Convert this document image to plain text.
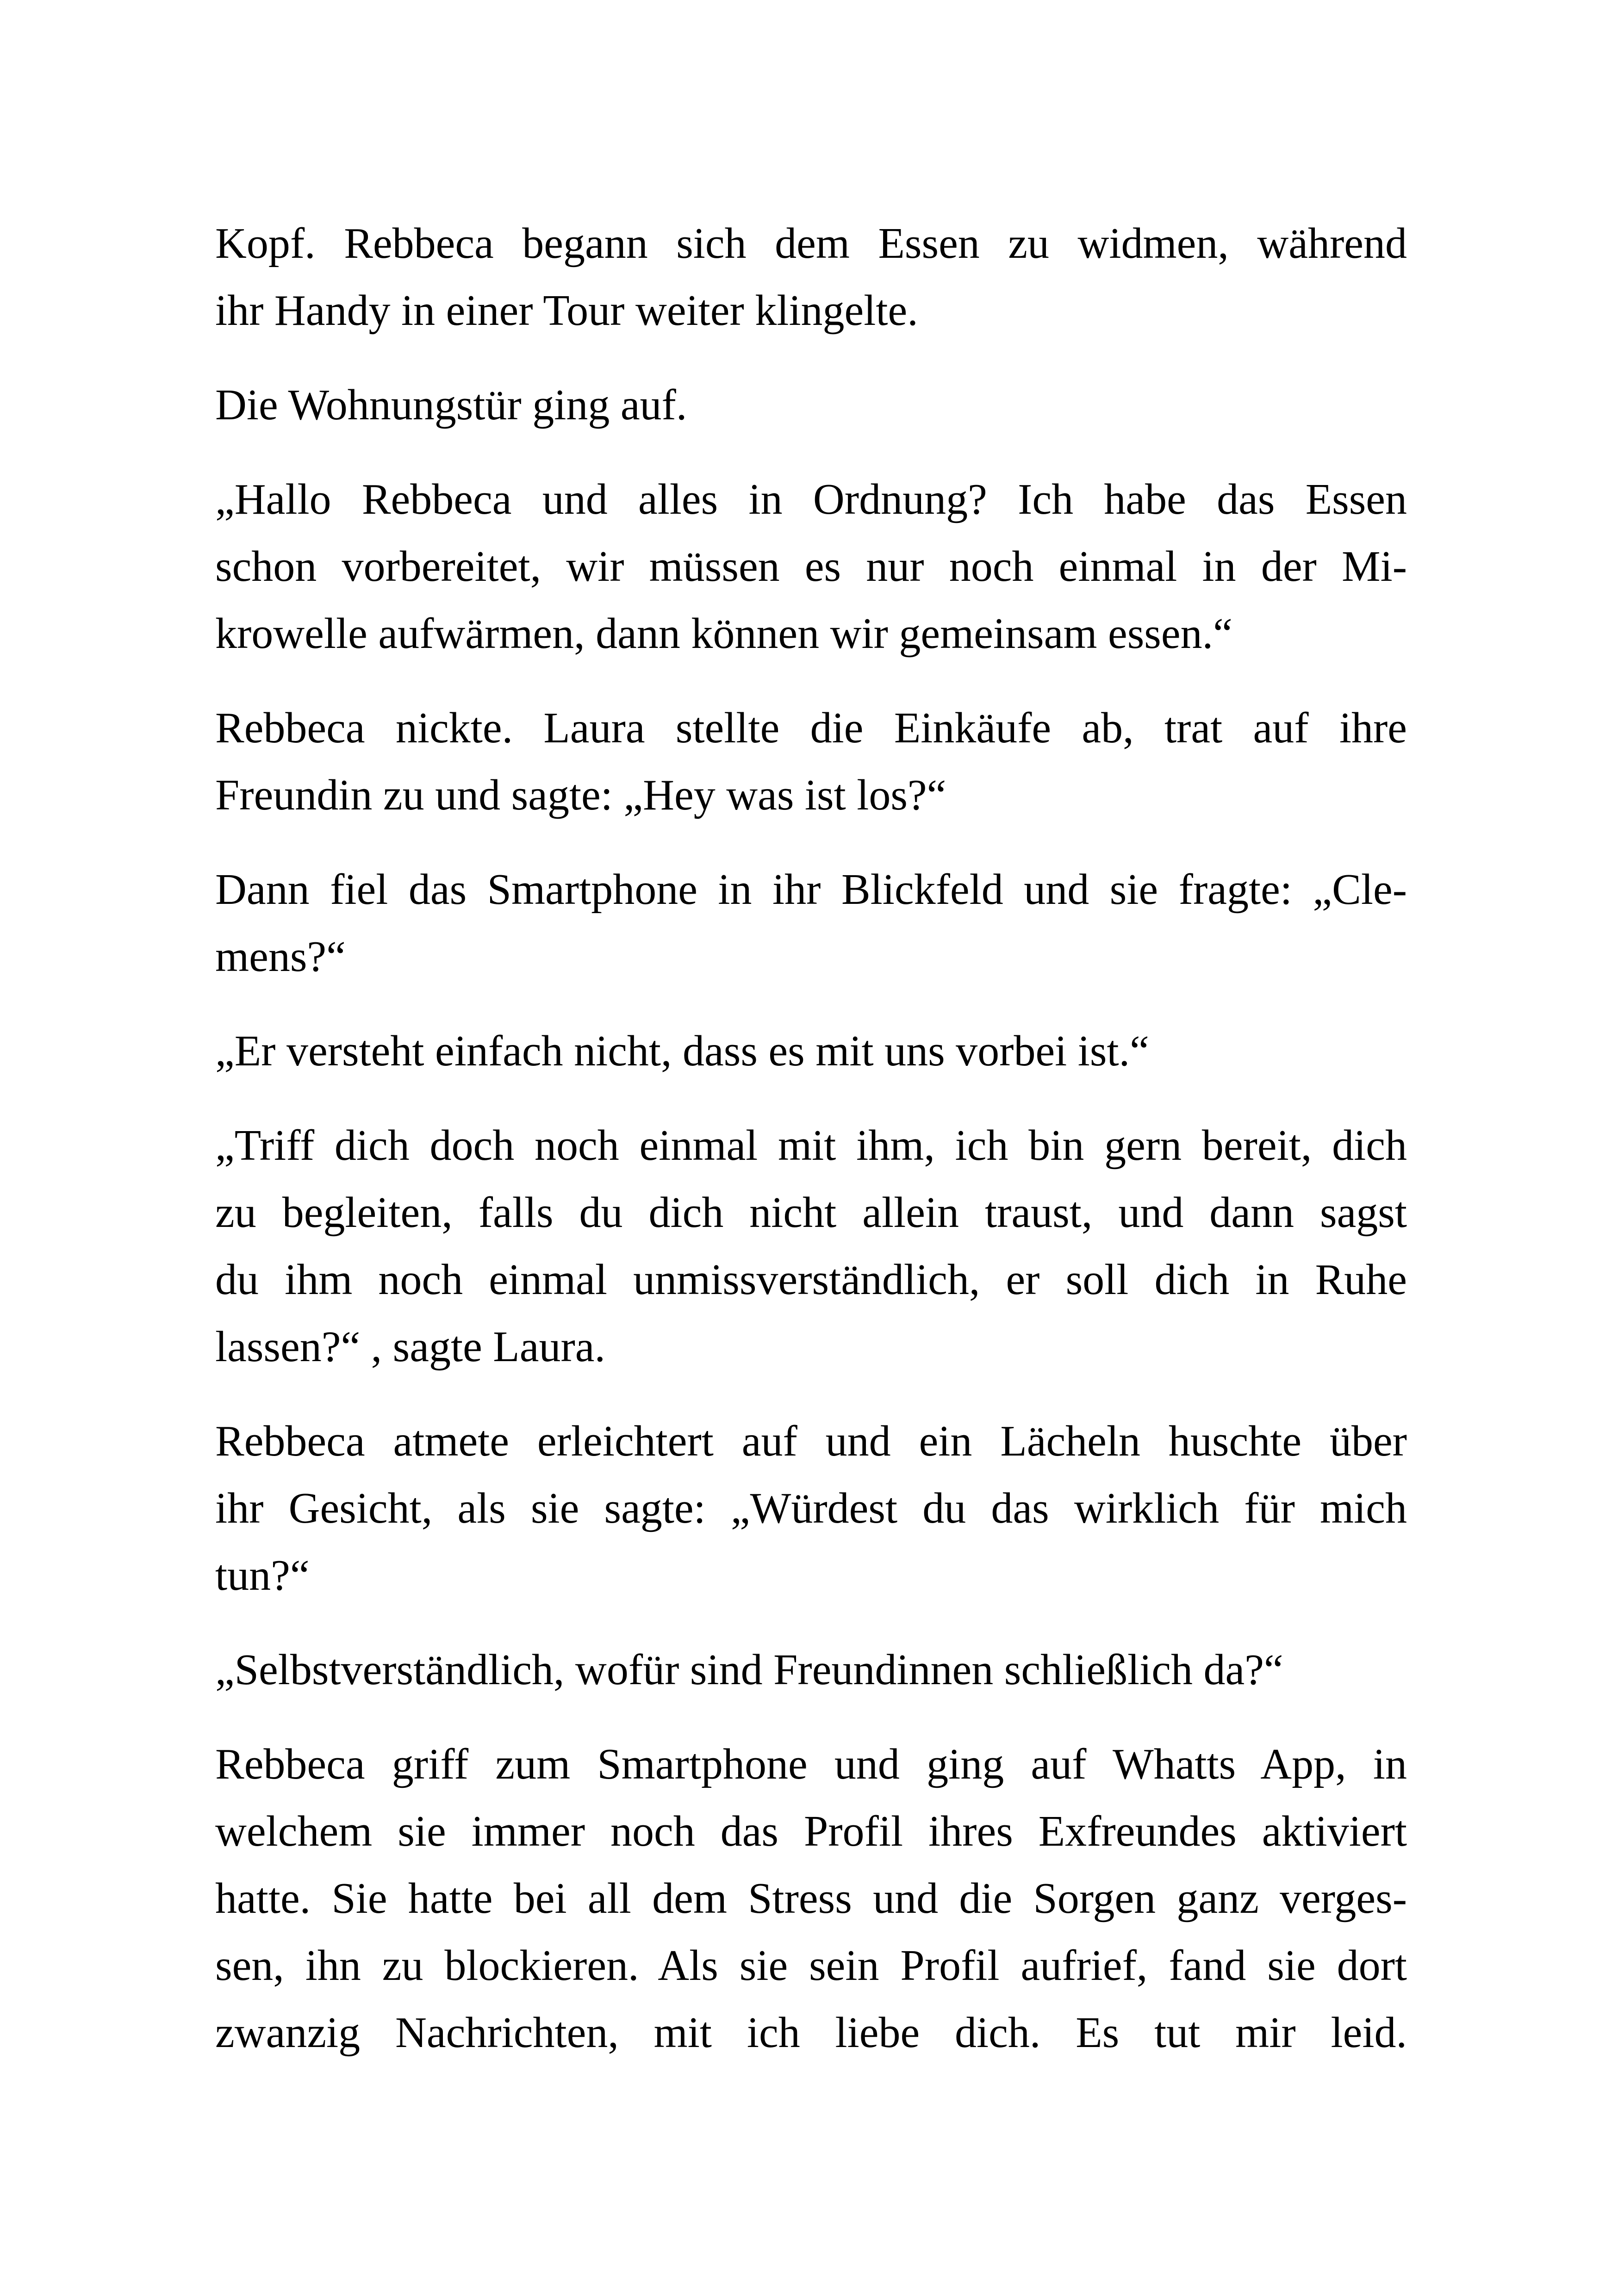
Kopf. Rebbeca begann sich dem Essen zu widmen, während
ihr Handy in einer Tour weiter klingelte.

Die Wohnungstür ging auf.

„Hallo Rebbeca und alles in Ordnung? Ich habe das Essen
schon vorbereitet, wir müssen es nur noch einmal in der Mi-
krowelle aufwärmen, dann können wir gemeinsam essen.“

Rebbeca nickte. Laura stellte die Einkäufe ab, trat auf ihre
Freundin zu und sagte: „Hey was ist los?“

Dann fiel das Smartphone in ihr Blickfeld und sie fragte: „Cle-
mens?“

„Er versteht einfach nicht, dass es mit uns vorbei ist.“

„Triff dich doch noch einmal mit ihm, ich bin gern bereit, dich
zu begleiten, falls du dich nicht allein traust, und dann sagst
du ihm noch einmal unmissverständlich, er soll dich in Ruhe
lassen?“ , sagte Laura.

Rebbeca atmete erleichtert auf und ein Lächeln huschte über
ihr Gesicht, als sie sagte: „Würdest du das wirklich für mich
tun?“

„Selbstverständlich, wofür sind Freundinnen schließlich da?“

Rebbeca griff zum Smartphone und ging auf Whatts App, in
welchem sie immer noch das Profil ihres Exfreundes aktiviert
hatte. Sie hatte bei all dem Stress und die Sorgen ganz verges-
sen, ihn zu blockieren. Als sie sein Profil aufrief, fand sie dort
zwanzig Nachrichten, mit ich liebe dich. Es tut mir leid.
